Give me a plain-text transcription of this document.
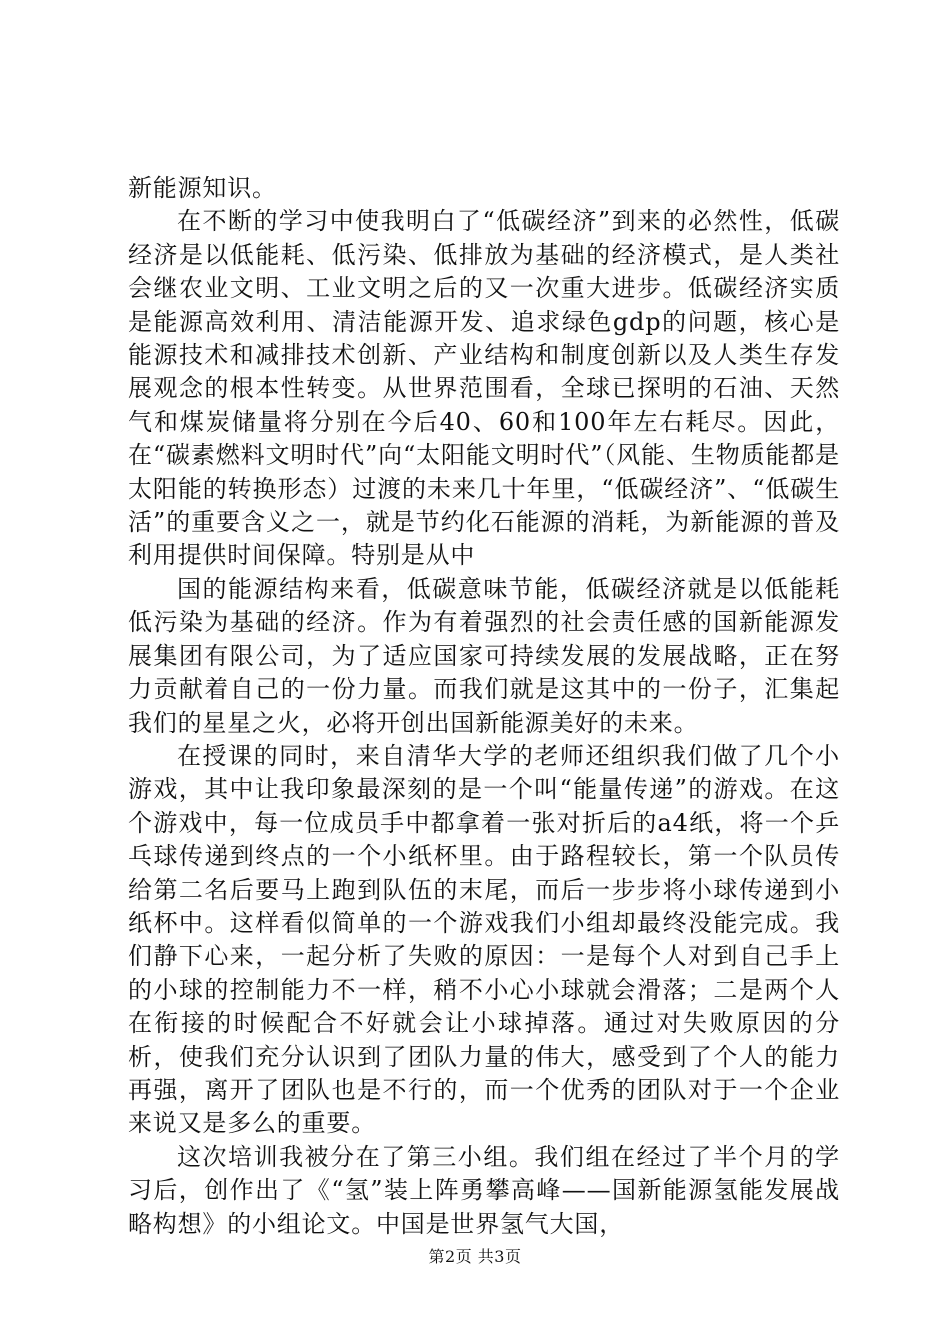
新能源知识。

在不断的学习中使我明白了“低碳经济”到来的必然性，低碳经济是以低能耗、低污染、低排放为基础的经济模式，是人类社会继农业文明、工业文明之后的又一次重大进步。低碳经济实质是能源高效利用、清洁能源开发、追求绿色gdp的问题，核心是能源技术和减排技术创新、产业结构和制度创新以及人类生存发展观念的根本性转变。从世界范围看，全球已探明的石油、天然气和煤炭储量将分别在今后40、60和100年左右耗尽。因此，在“碳素燃料文明时代”向“太阳能文明时代”（风能、生物质能都是太阳能的转换形态）过渡的未来几十年里，“低碳经济”、“低碳生活”的重要含义之一，就是节约化石能源的消耗，为新能源的普及利用提供时间保障。特别是从中

国的能源结构来看，低碳意味节能，低碳经济就是以低能耗低污染为基础的经济。作为有着强烈的社会责任感的国新能源发展集团有限公司，为了适应国家可持续发展的发展战略，正在努力贡献着自己的一份力量。而我们就是这其中的一份子，汇集起我们的星星之火，必将开创出国新能源美好的未来。

在授课的同时，来自清华大学的老师还组织我们做了几个小游戏，其中让我印象最深刻的是一个叫“能量传递”的游戏。在这个游戏中，每一位成员手中都拿着一张对折后的a4纸，将一个乒乓球传递到终点的一个小纸杯里。由于路程较长，第一个队员传给第二名后要马上跑到队伍的末尾，而后一步步将小球传递到小纸杯中。这样看似简单的一个游戏我们小组却最终没能完成。我们静下心来，一起分析了失败的原因：一是每个人对到自己手上的小球的控制能力不一样，稍不小心小球就会滑落；二是两个人在衔接的时候配合不好就会让小球掉落。通过对失败原因的分析，使我们充分认识到了团队力量的伟大，感受到了个人的能力再强，离开了团队也是不行的，而一个优秀的团队对于一个企业来说又是多么的重要。

这次培训我被分在了第三小组。我们组在经过了半个月的学习后，创作出了《“氢”装上阵勇攀高峰——国新能源氢能发展战略构想》的小组论文。中国是世界氢气大国，

第2页 共3页
